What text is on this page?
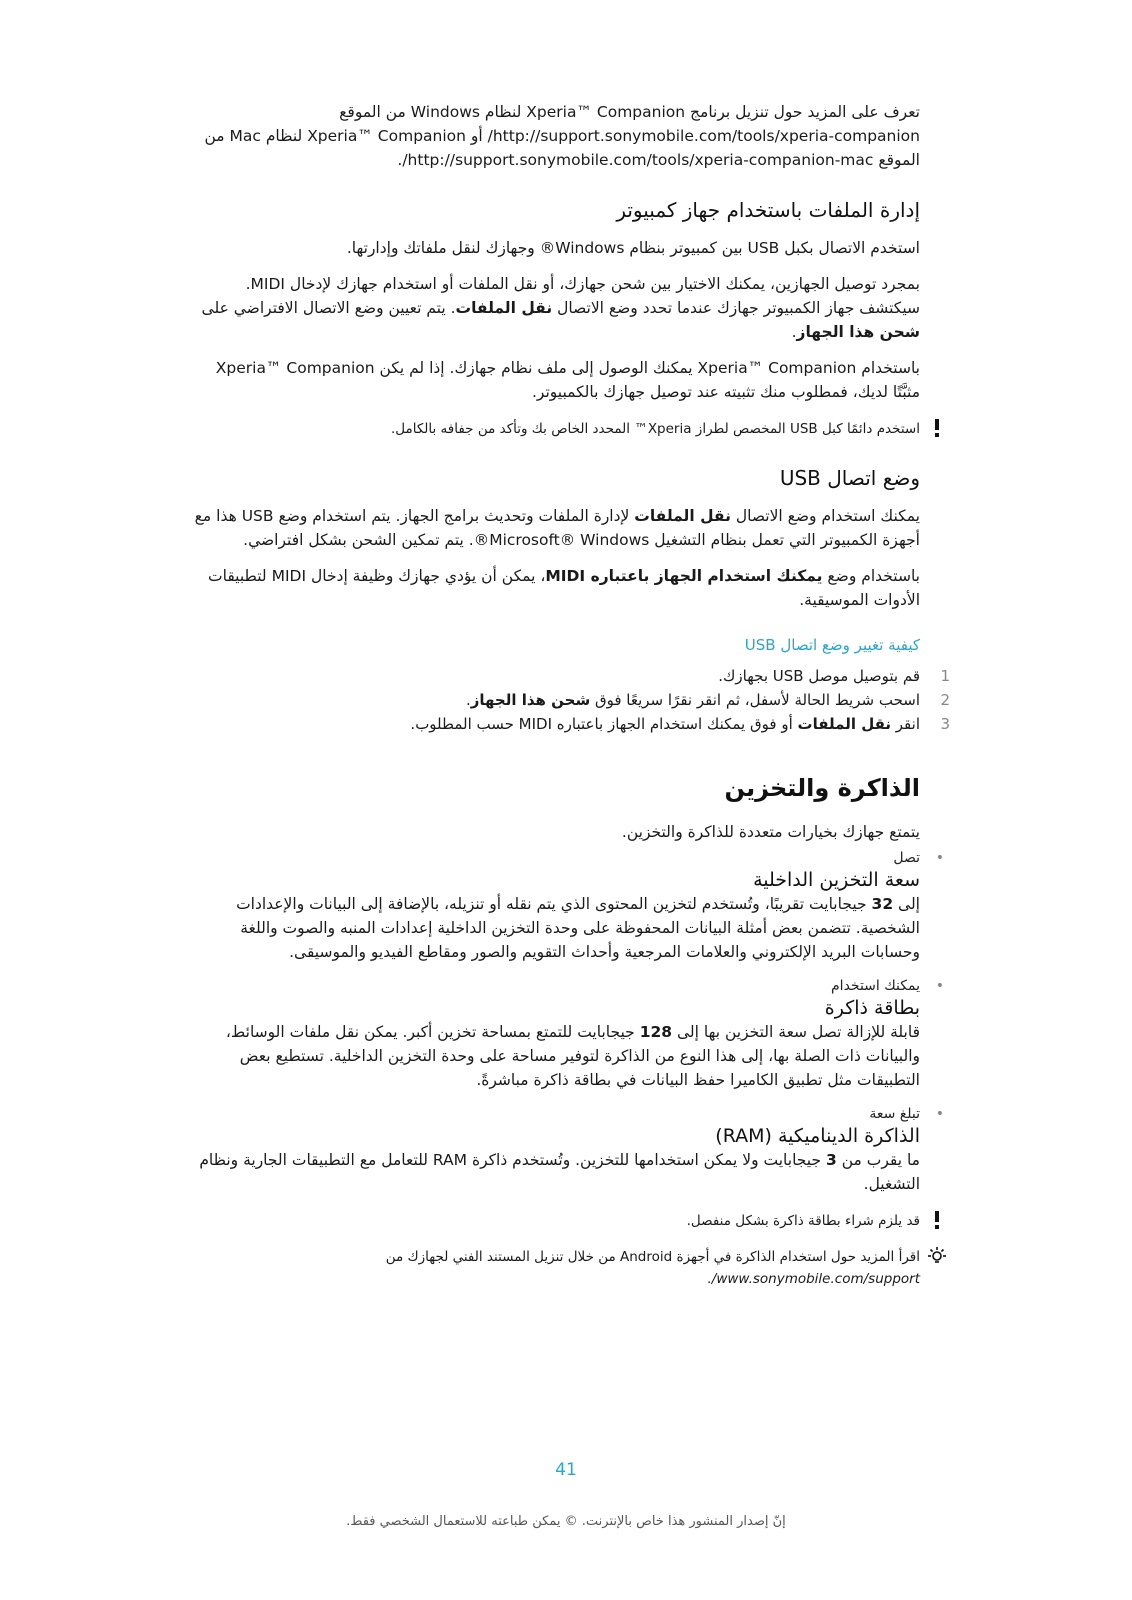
تعرف على المزيد حول تنزيل برنامج Xperia™ Companion لنظام Windows من الموقع http://support.sonymobile.com/tools/xperia-companion/ أو Xperia™ Companion لنظام Mac من الموقع http://support.sonymobile.com/tools/xperia-companion-mac/.

إدارة الملفات باستخدام جهاز كمبيوتر

استخدم الاتصال بكبل USB بين كمبيوتر بنظام Windows® وجهازك لنقل ملفاتك وإدارتها.

بمجرد توصيل الجهازين، يمكنك الاختيار بين شحن جهازك، أو نقل الملفات أو استخدام جهازك لإدخال MIDI. سيكتشف جهاز الكمبيوتر جهازك عندما تحدد وضع الاتصال نقل الملفات. يتم تعيين وضع الاتصال الافتراضي على شحن هذا الجهاز.

باستخدام Xperia™ Companion يمكنك الوصول إلى ملف نظام جهازك. إذا لم يكن Xperia™ Companion مثبَّتًا لديك، فمطلوب منك تثبيته عند توصيل جهازك بالكمبيوتر.

استخدم دائمًا كبل USB المخصص لطراز Xperia™ المحدد الخاص بك وتأكد من جفافه بالكامل.
وضع اتصال USB

يمكنك استخدام وضع الاتصال نقل الملفات لإدارة الملفات وتحديث برامج الجهاز. يتم استخدام وضع USB هذا مع أجهزة الكمبيوتر التي تعمل بنظام التشغيل Microsoft® Windows®. يتم تمكين الشحن بشكل افتراضي.

باستخدام وضع يمكنك استخدام الجهاز باعتباره MIDI، يمكن أن يؤدي جهازك وظيفة إدخال MIDI لتطبيقات الأدوات الموسيقية.

كيفية تغيير وضع اتصال USB
1
قم بتوصيل موصل USB بجهازك.
2
اسحب شريط الحالة لأسفل، ثم انقر نقرًا سريعًا فوق شحن هذا الجهاز.
3
انقر نقل الملفات أو فوق يمكنك استخدام الجهاز باعتباره MIDI حسب المطلوب.
الذاكرة والتخزين

يتمتع جهازك بخيارات متعددة للذاكرة والتخزين.

• تصل
سعة التخزين الداخلية

إلى 32 جيجابايت تقريبًا، وتُستخدم لتخزين المحتوى الذي يتم نقله أو تنزيله، بالإضافة إلى البيانات والإعدادات الشخصية. تتضمن بعض أمثلة البيانات المحفوظة على وحدة التخزين الداخلية إعدادات المنبه والصوت واللغة وحسابات البريد الإلكتروني والعلامات المرجعية وأحداث التقويم والصور ومقاطع الفيديو والموسيقى.

• يمكنك استخدام
بطاقة ذاكرة

قابلة للإزالة تصل سعة التخزين بها إلى 128 جيجابايت للتمتع بمساحة تخزين أكبر. يمكن نقل ملفات الوسائط، والبيانات ذات الصلة بها، إلى هذا النوع من الذاكرة لتوفير مساحة على وحدة التخزين الداخلية. تستطيع بعض التطبيقات مثل تطبيق الكاميرا حفظ البيانات في بطاقة ذاكرة مباشرةً.

• تبلغ سعة
الذاكرة الديناميكية (RAM)

ما يقرب من 3 جيجابايت ولا يمكن استخدامها للتخزين. وتُستخدم ذاكرة RAM للتعامل مع التطبيقات الجارية ونظام التشغيل.

قد يلزم شراء بطاقة ذاكرة بشكل منفصل.
اقرأ المزيد حول استخدام الذاكرة في أجهزة Android من خلال تنزيل المستند الفني لجهازك من
www.sonymobile.com/support/.
41
إنّ إصدار المنشور هذا خاص بالإنترنت. © يمكن طباعته للاستعمال الشخصي فقط.
